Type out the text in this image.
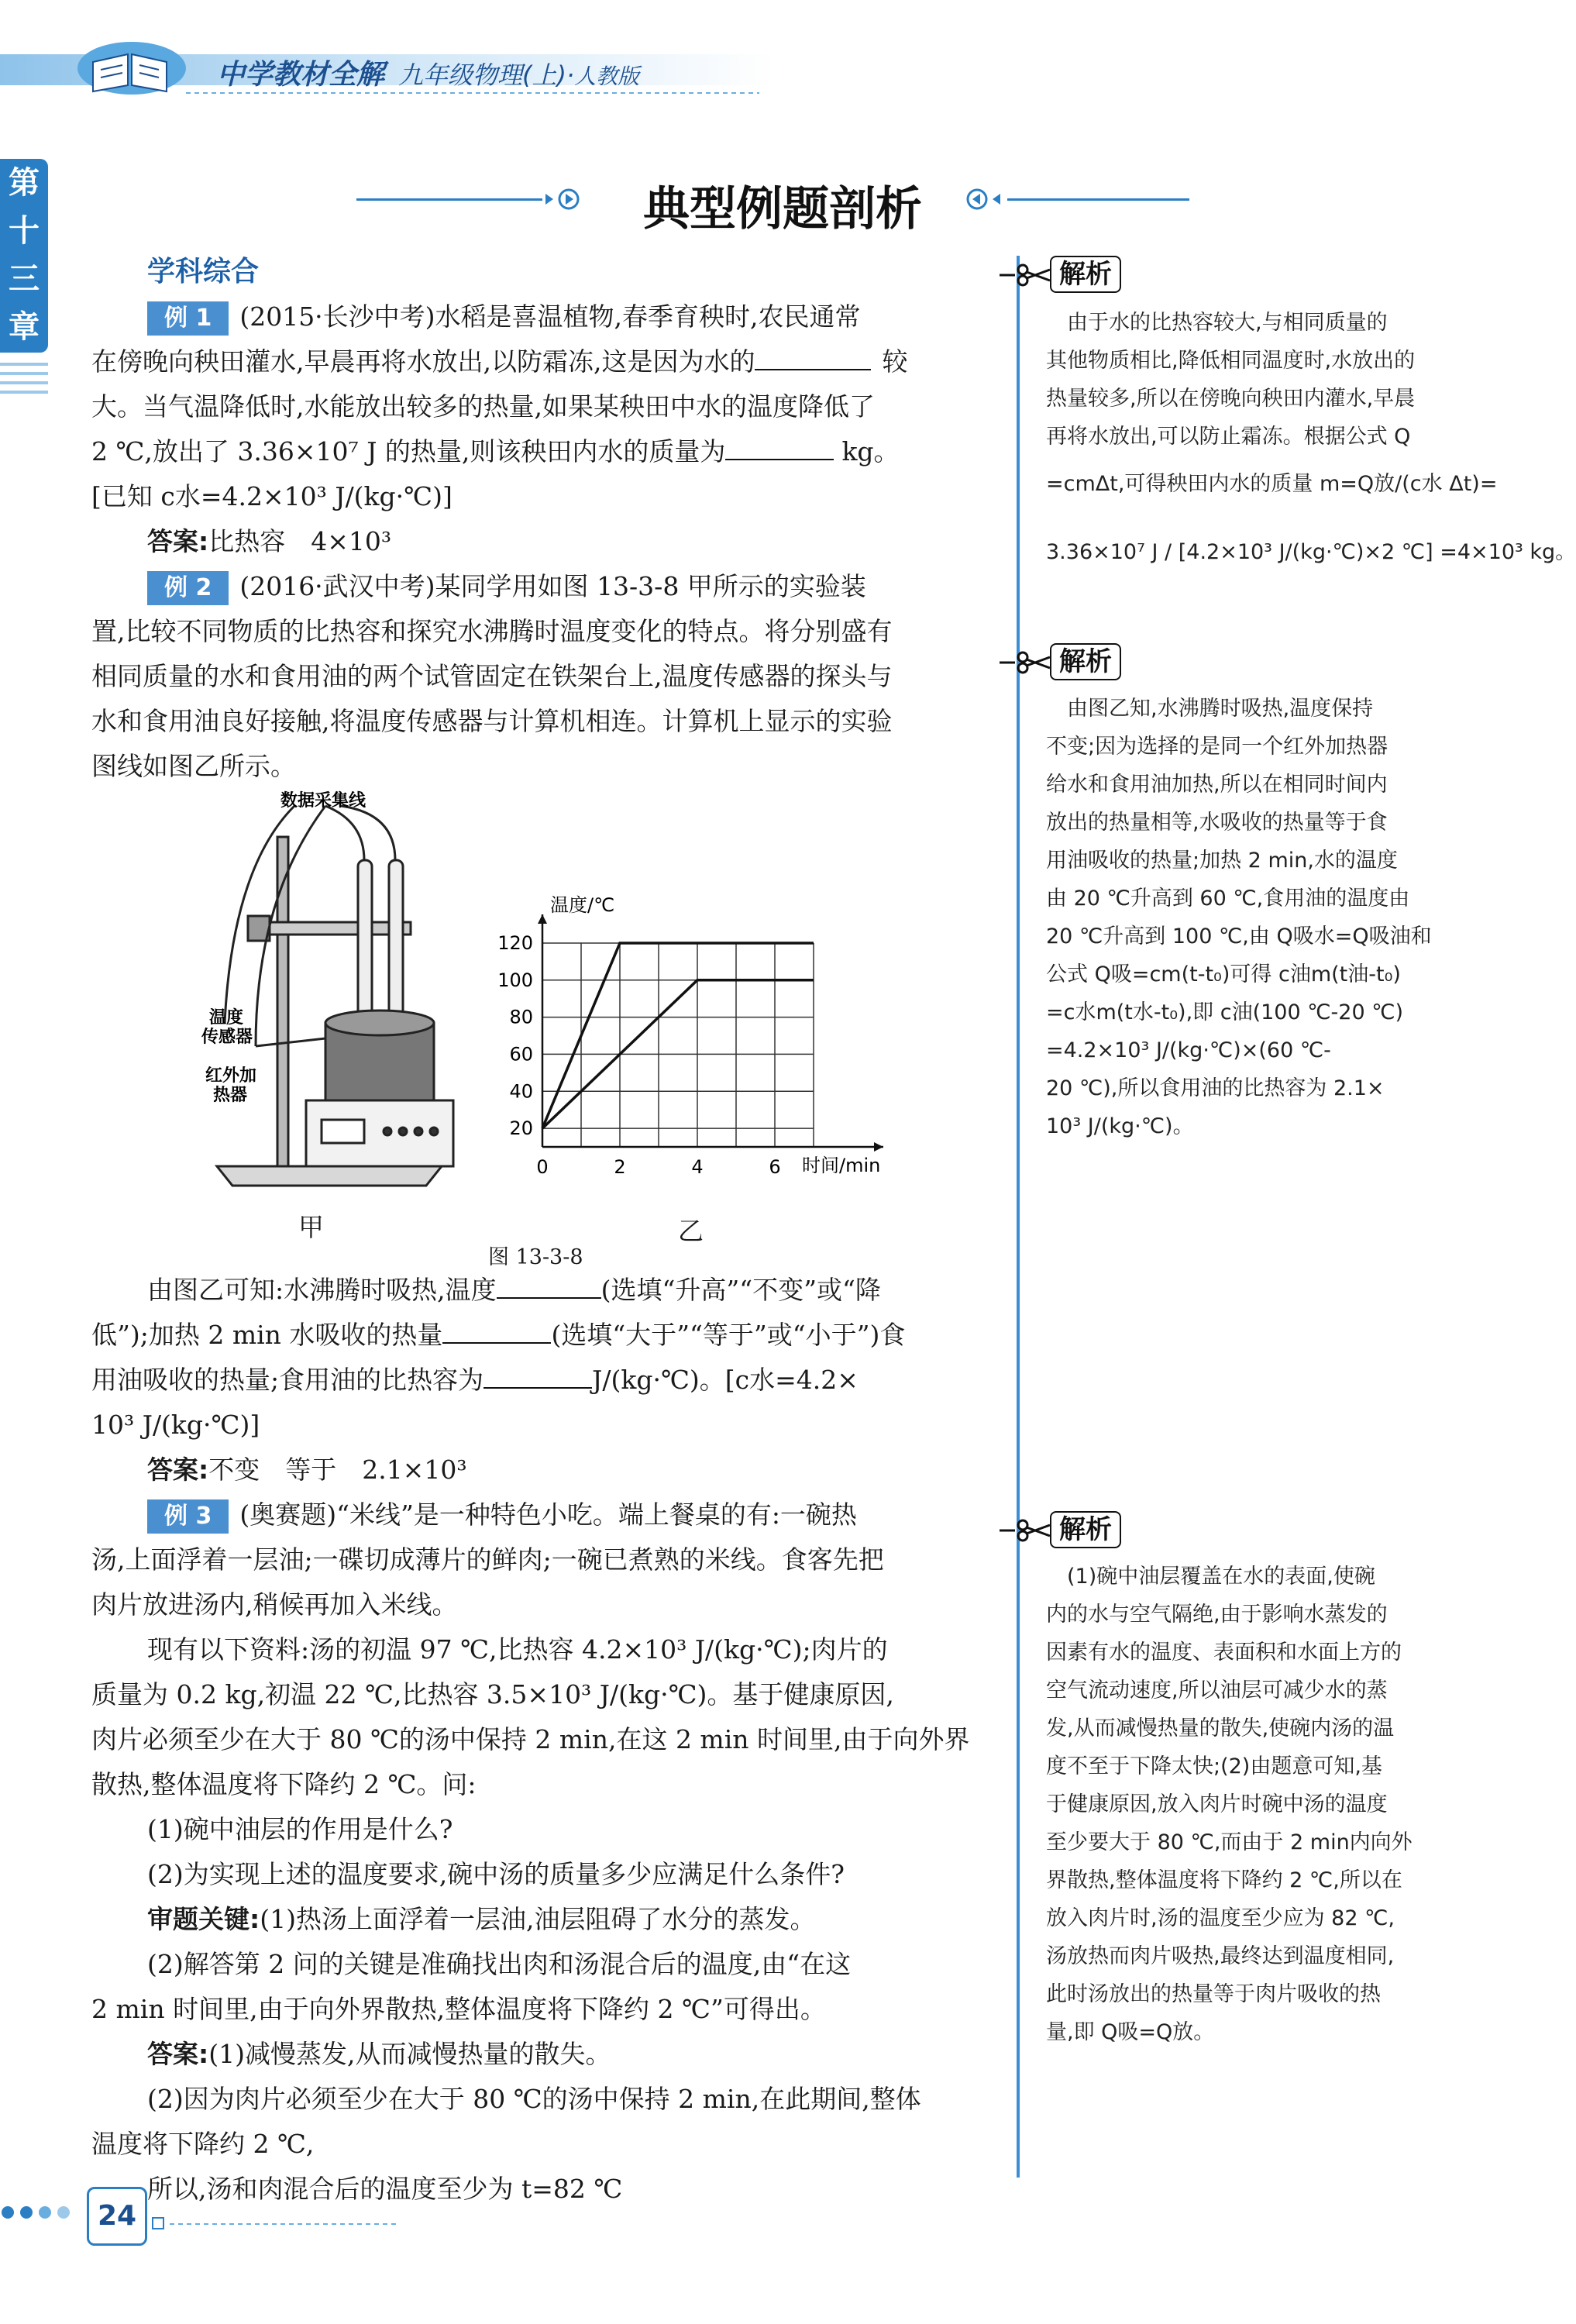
中学教材全解 九年级物理(上)·人教版
第
十
三
章
典型例题剖析
学科综合
例 1 (2015·长沙中考)水稻是喜温植物,春季育秧时,农民通常
在傍晚向秧田灌水,早晨再将水放出,以防霜冻,这是因为水的	较
大。当气温降低时,水能放出较多的热量,如果某秧田中水的温度降低了
2 ℃,放出了 3.36×10⁷ J 的热量,则该秧田内水的质量为	kg。
[已知 c水=4.2×10³ J/(kg·℃)]
答案:比热容　4×10³
例 2 (2016·武汉中考)某同学用如图 13-3-8 甲所示的实验装
置,比较不同物质的比热容和探究水沸腾时温度变化的特点。将分别盛有
相同质量的水和食用油的两个试管固定在铁架台上,温度传感器的探头与
水和食用油良好接触,将温度传感器与计算机相连。计算机上显示的实验
图线如图乙所示。
数据采集线
温度
传感器
红外加
热器
0	2	4	6
20
40
60
80
100
120
温度/℃
时间/min
甲	乙
图 13-3-8
由图乙可知:水沸腾时吸热,温度	(选填“升高”“不变”或“降
低”);加热 2 min 水吸收的热量	(选填“大于”“等于”或“小于”)食
用油吸收的热量;食用油的比热容为	J/(kg·℃)。[c水=4.2×
10³ J/(kg·℃)]
答案:不变　等于　2.1×10³
例 3 (奥赛题)“米线”是一种特色小吃。端上餐桌的有:一碗热
汤,上面浮着一层油;一碟切成薄片的鲜肉;一碗已煮熟的米线。食客先把
肉片放进汤内,稍候再加入米线。
现有以下资料:汤的初温 97 ℃,比热容 4.2×10³ J/(kg·℃);肉片的
质量为 0.2 kg,初温 22 ℃,比热容 3.5×10³ J/(kg·℃)。基于健康原因,
肉片必须至少在大于 80 ℃的汤中保持 2 min,在这 2 min 时间里,由于向外界
散热,整体温度将下降约 2 ℃。问:
(1)碗中油层的作用是什么?
(2)为实现上述的温度要求,碗中汤的质量多少应满足什么条件?
审题关键:(1)热汤上面浮着一层油,油层阻碍了水分的蒸发。
(2)解答第 2 问的关键是准确找出肉和汤混合后的温度,由“在这
2 min 时间里,由于向外界散热,整体温度将下降约 2 ℃”可得出。
答案:(1)减慢蒸发,从而减慢热量的散失。
(2)因为肉片必须至少在大于 80 ℃的汤中保持 2 min,在此期间,整体
温度将下降约 2 ℃,
所以,汤和肉混合后的温度至少为 t=82 ℃
解析
　由于水的比热容较大,与相同质量的
其他物质相比,降低相同温度时,水放出的
热量较多,所以在傍晚向秧田内灌水,早晨
再将水放出,可以防止霜冻。根据公式 Q
=cmΔt,可得秧田内水的质量 m=Q放/(c水 Δt)=
3.36×10⁷ J / [4.2×10³ J/(kg·℃)×2 ℃] =4×10³ kg。
解析
　由图乙知,水沸腾时吸热,温度保持
不变;因为选择的是同一个红外加热器
给水和食用油加热,所以在相同时间内
放出的热量相等,水吸收的热量等于食
用油吸收的热量;加热 2 min,水的温度
由 20 ℃升高到 60 ℃,食用油的温度由
20 ℃升高到 100 ℃,由 Q吸水=Q吸油和
公式 Q吸=cm(t-t₀)可得 c油m(t油-t₀)
=c水m(t水-t₀),即 c油(100 ℃-20 ℃)
=4.2×10³ J/(kg·℃)×(60 ℃-
20 ℃),所以食用油的比热容为 2.1×
10³ J/(kg·℃)。
解析
　(1)碗中油层覆盖在水的表面,使碗
内的水与空气隔绝,由于影响水蒸发的
因素有水的温度、表面积和水面上方的
空气流动速度,所以油层可减少水的蒸
发,从而减慢热量的散失,使碗内汤的温
度不至于下降太快;(2)由题意可知,基
于健康原因,放入肉片时碗中汤的温度
至少要大于 80 ℃,而由于 2 min内向外
界散热,整体温度将下降约 2 ℃,所以在
放入肉片时,汤的温度至少应为 82 ℃,
汤放热而肉片吸热,最终达到温度相同,
此时汤放出的热量等于肉片吸收的热
量,即 Q吸=Q放。
24
